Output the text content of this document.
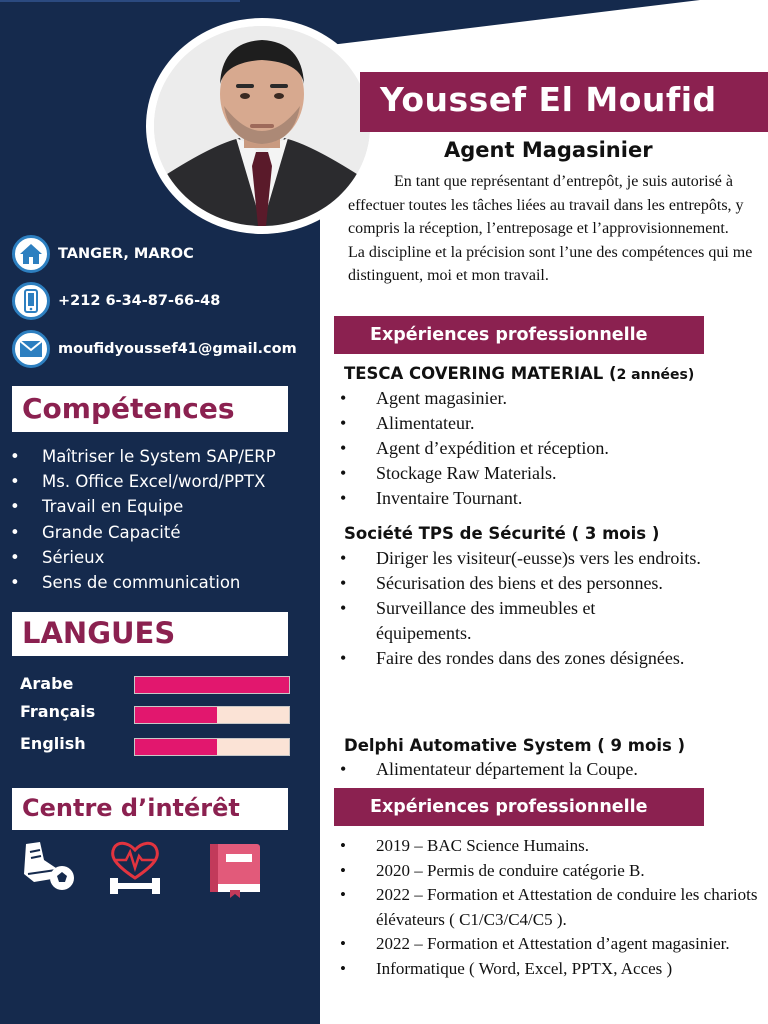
Youssef El Moufid
Agent Magasinier

En tant que représentant d’entrepôt, je suis autorisé à effectuer toutes les tâches liées au travail dans les entrepôts, y compris la réception, l’entreposage et l’approvisionnement.

La discipline et la précision sont l’une des compétences qui me distinguent, moi et mon travail.

TANGER, MAROC
+212 6-34-87-66-48
moufidyoussef41@gmail.com
Compétences
•	Maîtriser le System SAP/ERP
•	Ms. Office Excel/word/PPTX
•	Travail en Equipe
•	Grande Capacité
•	Sérieux
•	Sens de communication
LANGUES
Arabe
Français
English
Centre d’intérêt
Expériences professionnelle
TESCA COVERING MATERIAL (2 années)
•	Agent magasinier.
•	Alimentateur.
•	Agent d’expédition et réception.
•	Stockage Raw Materials.
•	Inventaire Tournant.
Société TPS de Sécurité ( 3 mois )
•	Diriger les visiteur(-eusse)s vers les endroits.
•	Sécurisation des biens et des personnes.
•	Surveillance des immeubles et équipements.
•	Faire des rondes dans des zones désignées.
Delphi Automative System ( 9 mois )
•	Alimentateur département la Coupe.
Expériences professionnelle
•	2019 – BAC Science Humains.
•	2020 – Permis de conduire catégorie B.
•	2022 – Formation et Attestation de conduire les chariots élévateurs ( C1/C3/C4/C5 ).
•	2022 – Formation et Attestation d’agent magasinier.
•	Informatique ( Word, Excel, PPTX, Acces )
